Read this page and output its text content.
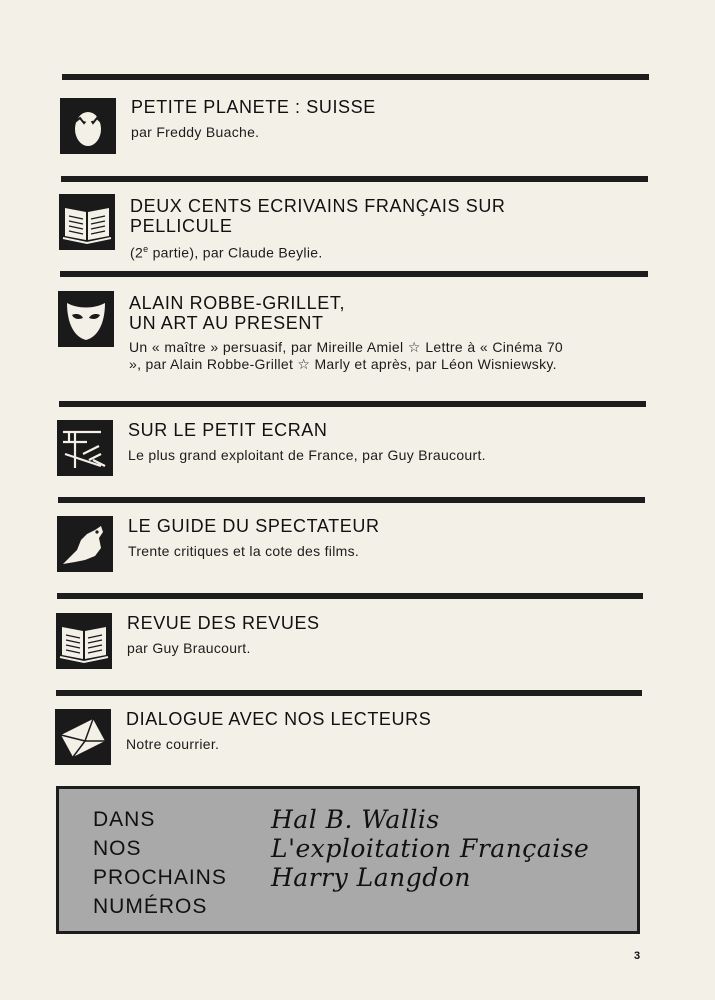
PETITE PLANETE : SUISSE
par Freddy Buache.
DEUX CENTS ECRIVAINS FRANÇAIS SUR
PELLICULE
(2e partie), par Claude Beylie.
ALAIN ROBBE-GRILLET,
UN ART AU PRESENT
Un « maître » persuasif, par Mireille Amiel ☆ Lettre à « Cinéma 70 », par Alain Robbe-Grillet ☆ Marly et après, par Léon Wisniewsky.
SUR LE PETIT ECRAN
Le plus grand exploitant de France, par Guy Braucourt.
LE GUIDE DU SPECTATEUR
Trente critiques et la cote des films.
REVUE DES REVUES
par Guy Braucourt.
DIALOGUE AVEC NOS LECTEURS
Notre courrier.
DANS
NOS
PROCHAINS
NUMÉROS
Hal B. Wallis
L'exploitation Française
Harry Langdon
3
